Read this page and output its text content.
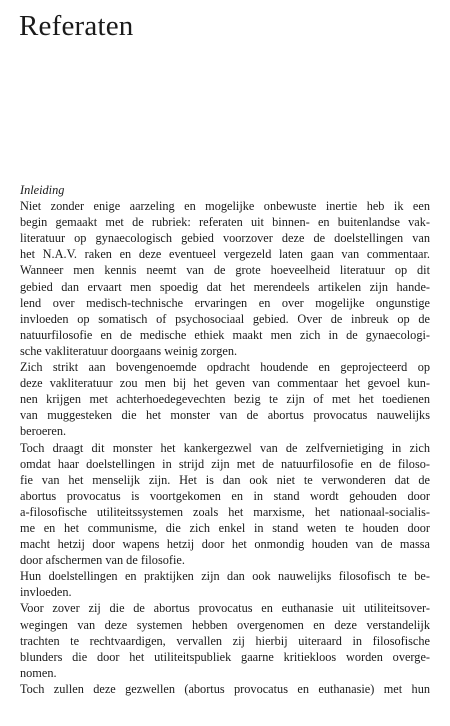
Referaten
Inleiding

Niet zonder enige aarzeling en mogelijke onbewuste inertie heb ik een
begin gemaakt met de rubriek: referaten uit binnen- en buitenlandse vak-
literatuur op gynaecologisch gebied voorzover deze de doelstellingen van
het N.A.V. raken en deze eventueel vergezeld laten gaan van commentaar.
Wanneer men kennis neemt van de grote hoeveelheid literatuur op dit
gebied dan ervaart men spoedig dat het merendeels artikelen zijn hande-
lend over medisch-technische ervaringen en over mogelijke ongunstige
invloeden op somatisch of psychosociaal gebied. Over de inbreuk op de
natuurfilosofie en de medische ethiek maakt men zich in de gynaecologi-
sche vakliteratuur doorgaans weinig zorgen.

Zich strikt aan bovengenoemde opdracht houdende en geprojecteerd op
deze vakliteratuur zou men bij het geven van commentaar het gevoel kun-
nen krijgen met achterhoedegevechten bezig te zijn of met het toedienen
van muggesteken die het monster van de abortus provocatus nauwelijks
beroeren.

Toch draagt dit monster het kankergezwel van de zelfvernietiging in zich
omdat haar doelstellingen in strijd zijn met de natuurfilosofie en de filoso-
fie van het menselijk zijn. Het is dan ook niet te verwonderen dat de
abortus provocatus is voortgekomen en in stand wordt gehouden door
a-filosofische utiliteitssystemen zoals het marxisme, het nationaal-socialis-
me en het communisme, die zich enkel in stand weten te houden door
macht hetzij door wapens hetzij door het onmondig houden van de massa
door afschermen van de filosofie.

Hun doelstellingen en praktijken zijn dan ook nauwelijks filosofisch te be-
invloeden.

Voor zover zij die de abortus provocatus en euthanasie uit utiliteitsover-
wegingen van deze systemen hebben overgenomen en deze verstandelijk
trachten te rechtvaardigen, vervallen zij hierbij uiteraard in filosofische
blunders die door het utiliteitspubliek gaarne kritiekloos worden overge-
nomen.

Toch zullen deze gezwellen (abortus provocatus en euthanasie) met hun
